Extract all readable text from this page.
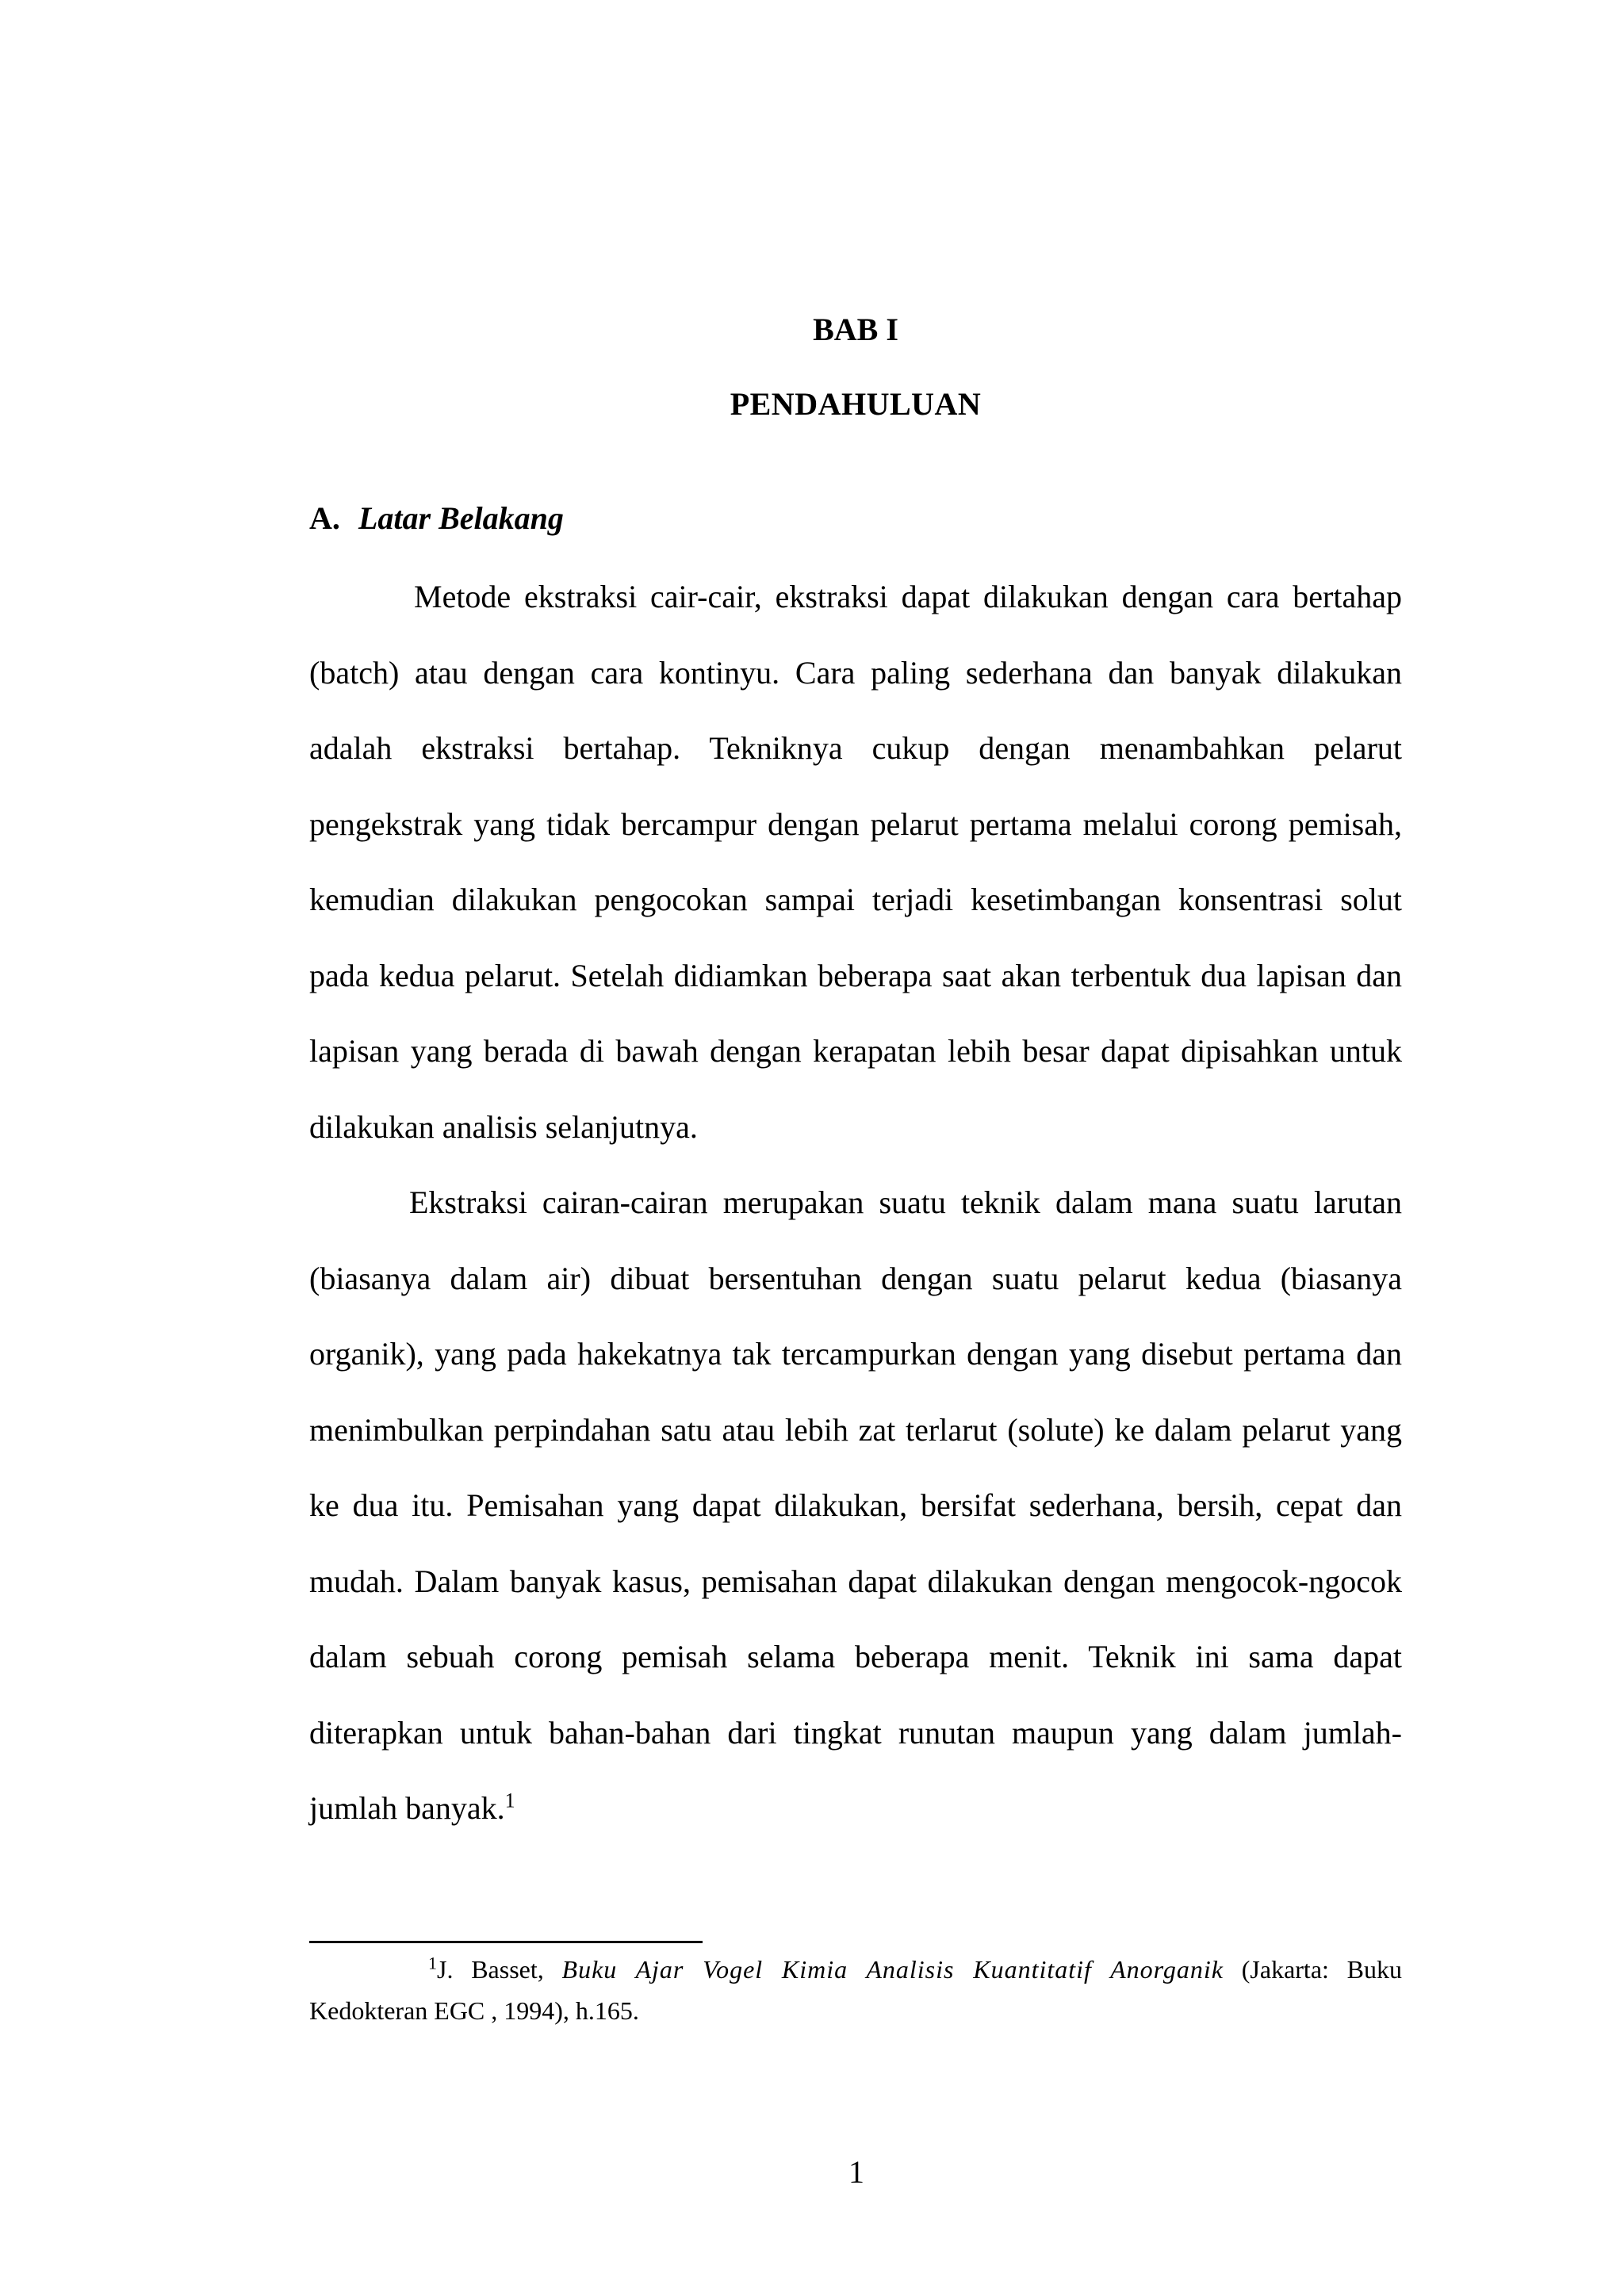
BAB I
PENDAHULUAN
A. Latar Belakang

Metode ekstraksi cair-cair, ekstraksi dapat dilakukan dengan cara bertahap (batch) atau dengan cara kontinyu. Cara paling sederhana dan banyak dilakukan adalah ekstraksi bertahap. Tekniknya cukup dengan menambahkan pelarut pengekstrak yang tidak bercampur dengan pelarut pertama melalui corong pemisah, kemudian dilakukan pengocokan sampai terjadi kesetimbangan konsentrasi solut pada kedua pelarut. Setelah didiamkan beberapa saat akan terbentuk dua lapisan dan lapisan yang berada di bawah dengan kerapatan lebih besar dapat dipisahkan untuk dilakukan analisis selanjutnya.

Ekstraksi cairan-cairan merupakan suatu teknik dalam mana suatu larutan (biasanya dalam air) dibuat bersentuhan dengan suatu pelarut kedua (biasanya organik), yang pada hakekatnya tak tercampurkan dengan yang disebut pertama dan menimbulkan perpindahan satu atau lebih zat terlarut (solute) ke dalam pelarut yang ke dua itu. Pemisahan yang dapat dilakukan, bersifat sederhana, bersih, cepat dan mudah. Dalam banyak kasus, pemisahan dapat dilakukan dengan mengocok-ngocok dalam sebuah corong pemisah selama beberapa menit. Teknik ini sama dapat diterapkan untuk bahan-bahan dari tingkat runutan maupun yang dalam jumlah-jumlah banyak.$^1$

$^1$J. Basset, Buku Ajar Vogel Kimia Analisis Kuantitatif Anorganik (Jakarta: Buku Kedokteran EGC , 1994), h.165.

1
